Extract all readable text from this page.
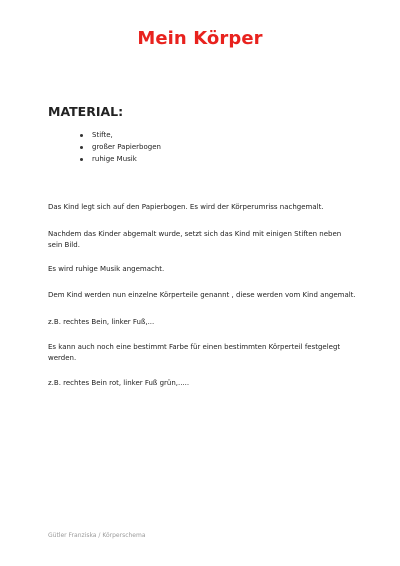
Mein Körper
MATERIAL:
Stifte,
großer Papierbogen
ruhige Musik

Das Kind legt sich auf den Papierbogen. Es wird der Körperumriss nachgemalt.

Nachdem das Kinder abgemalt wurde, setzt sich das Kind mit einigen Stiften neben sein Bild.

Es wird ruhige Musik angemacht.

Dem Kind werden nun einzelne Körperteile genannt , diese werden vom Kind angemalt.

z.B. rechtes Bein, linker Fuß,...

Es kann auch noch eine bestimmt Farbe für einen bestimmten Körperteil festgelegt werden.

z.B. rechtes Bein rot, linker Fuß grün,.....

Gütler Franziska / Körperschema
